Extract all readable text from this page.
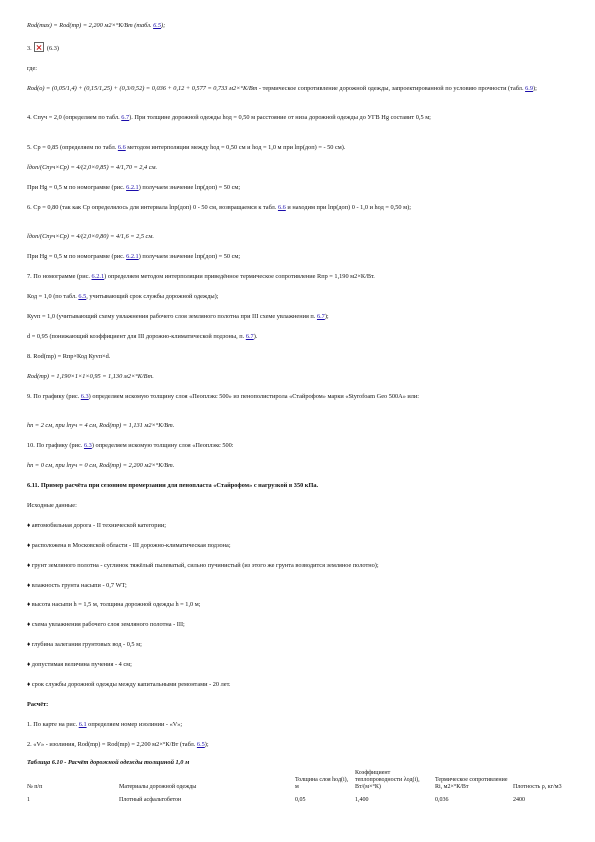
Rod(max) = Rod(mp) = 2,200 м2×°К/Вт (табл. 6.5);

3.  (6.3)

где:

Rod(o) = (0,05/1,4) + (0,15/1,25) + (0,3/0,52) = 0,036 + 0,12 + 0,577 = 0,733 м2×°К/Вт - термическое сопротивление дорожной одежды, запроектированной по условию прочности (табл. 6.9);

4. Спуч = 2,0 (определяем по табл. 6.7). При толщине дорожной одежды hод = 0,50 м расстояние от низа дорожной одежды до УГВ Hg составит 0,5 м;

5. Ср = 0,85 (определяем по табл. 6.6 методом интерполяции между hод = 0,50 см и hод = 1,0 м при lпр(доп) = - 50 см).

lдоп/(Спуч×Ср) = 4/(2,0×0,85) = 4/1,70 = 2,4 см.

При Hg = 0,5 м по номограмме (рис. 6.2.1) получаем значение lпр(доп) = 50 см;

6. Ср = 0,80 (так как Ср определялось для интервала lпр(доп) 0 - 50 см, возвращаемся к табл. 6.6 и находим при lпр(доп) 0 - 1,0 и hод = 0,50 м);

lдоп/(Спуч×Ср) = 4/(2,0×0,80) = 4/1,6 = 2,5 см.

При Hg = 0,5 м по номограмме (рис. 6.2.1) получаем значение lпр(доп) = 50 см;

7. По номограмме (рис. 6.2.1) определяем методом интерполяции приведённое термическое сопротивление Rпр = 1,190 м2×К/Вт.

Код = 1,0 (по табл. 6.5, учитывающий срок службы дорожной одежды);

Куvп = 1,0 (учитывающий схему увлажнения рабочего слоя земляного полотна при III схеме увлажнения п. 6.7);

d = 0,95 (понижающий коэффициент для III дорожно-климатической подзоны, п. 6.7).

8. Rod(mp) = Rпр×Код Куvп×d.

Rod(mp) = 1,190×1×1×0,95 = 1,130 м2×°К/Вт.

9. По графику (рис. 6.3) определяем искомую толщину слоя «Пеоплэкс 500» из пенополистирола «Стайрофом» марки «Styrofoam Geo 500А» или:

hп = 2 см, при lпуч = 4 см, Rod(mp) = 1,131 м2×°К/Вт.

10. По графику (рис. 6.3) определяем искомую толщину слоя «Пеоплэкс 500:

hп = 0 см, при lпуч = 0 см, Rod(mp) = 2,200 м2×°К/Вт.

6.11. Пример расчёта при сезонном промерзании для пенопласта «Стайрофом» с нагрузкой в 350 кПа.

Исходные данные:

♦ автомобильная дорога - II технической категории;

♦ расположена в Московской области - III дорожно-климатическая подзона;

♦ грунт земляного полотна - суглинок тяжёлый пылеватый, сильно пучинистый (из этого же грунта возводится земляное полотно);

♦ влажность грунта насыпи - 0,7 WT;

♦ высота насыпи h = 1,5 м, толщина дорожной одежды h = 1,0 м;

♦ схема увлажнения рабочего слоя земляного полотна - III;

♦ глубина залегания грунтовых вод - 0,5 м;

♦ допустимая величина пучения - 4 см;

♦ срок службы дорожной одежды между капитальными ремонтами - 20 лет.

Расчёт:

1. По карте на рис. 6.1 определяем номер изолинии - «V»;

2. «V» - изолиния, Rod(mp) = Rod(mp) = 2,200 м2×°К/Вт (табл. 6.5);

Таблица 6.10 - Расчёт дорожной одежды толщиной 1,0 м

№ п/п	Материалы дорожной одежды	Толщина слоя hод(i), м	Коэффициент теплопроводности λод(i), Вт/(м×°К)	Термическое сопротивление Ri, м2×°К/Вт	Плотность ρ, кг/м3
1	Плотный асфальтобетон	0,05	1,400	0,036	2400
